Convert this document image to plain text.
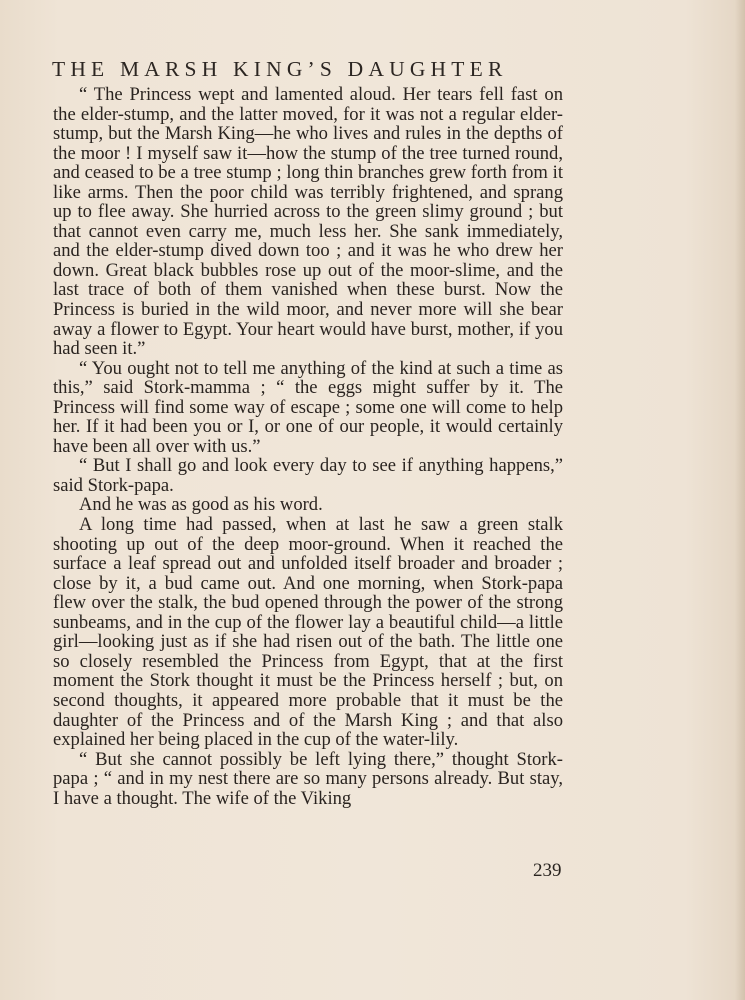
THE MARSH KING’S DAUGHTER

“ The Princess wept and lamented aloud. Her tears fell fast on the elder-stump, and the latter moved, for it was not a regular elder-stump, but the Marsh King—he who lives and rules in the depths of the moor ! I myself saw it—how the stump of the tree turned round, and ceased to be a tree stump ; long thin branches grew forth from it like arms. Then the poor child was terribly frightened, and sprang up to flee away. She hurried across to the green slimy ground ; but that cannot even carry me, much less her. She sank immediately, and the elder-stump dived down too ; and it was he who drew her down. Great black bubbles rose up out of the moor-slime, and the last trace of both of them vanished when these burst. Now the Princess is buried in the wild moor, and never more will she bear away a flower to Egypt. Your heart would have burst, mother, if you had seen it.”

“ You ought not to tell me anything of the kind at such a time as this,” said Stork-mamma ; “ the eggs might suffer by it. The Princess will find some way of escape ; some one will come to help her. If it had been you or I, or one of our people, it would certainly have been all over with us.”

“ But I shall go and look every day to see if anything happens,” said Stork-papa.

And he was as good as his word.

A long time had passed, when at last he saw a green stalk shooting up out of the deep moor-ground. When it reached the surface a leaf spread out and unfolded itself broader and broader ; close by it, a bud came out. And one morning, when Stork-papa flew over the stalk, the bud opened through the power of the strong sunbeams, and in the cup of the flower lay a beautiful child—a little girl—looking just as if she had risen out of the bath. The little one so closely resembled the Princess from Egypt, that at the first moment the Stork thought it must be the Princess herself ; but, on second thoughts, it appeared more probable that it must be the daughter of the Princess and of the Marsh King ; and that also explained her being placed in the cup of the water-lily.

“ But she cannot possibly be left lying there,” thought Stork-papa ; “ and in my nest there are so many persons already. But stay, I have a thought. The wife of the Viking

239
